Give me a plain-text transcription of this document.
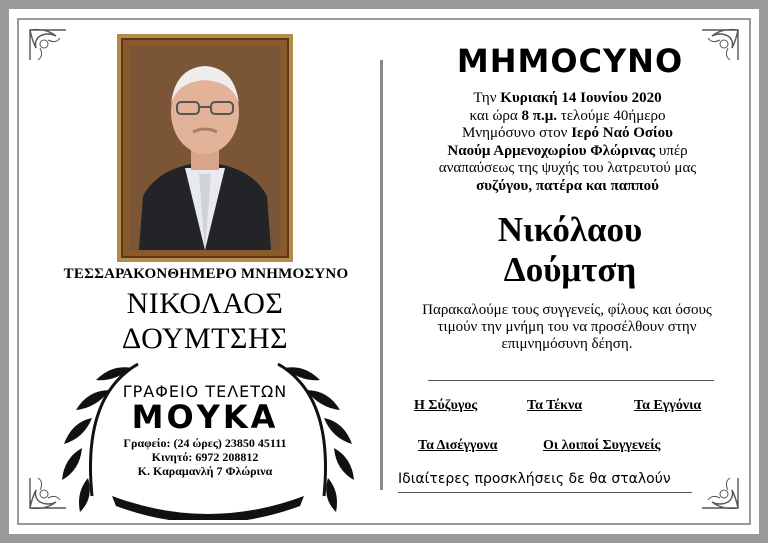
ΤΕΣΣΑΡΑΚΟΝΘΗΜΕΡΟ ΜΝΗΜΟΣΥΝΟ
ΝΙΚΟΛΑΟΣ
ΔΟΥΜΤΣΗΣ
ΓΡΑΦΕΙΟ ΤΕΛΕΤΩΝ
ΜΟΥΚΑ
Γραφείο: (24 ώρες) 23850 45111
Κινητό: 6972 208812
Κ. Καραμανλή 7 Φλώρινα
ΜΗΜΟCΥΝΟ
Την Κυριακή 14 Ιουνίου 2020
και ώρα 8 π.μ. τελούμε 40ήμερο
Μνημόσυνο στον Ιερό Ναό Οσίου
Ναούμ Αρμενοχωρίου Φλώρινας υπέρ
αναπαύσεως της ψυχής του λατρευτού μας
συζύγου, πατέρα και παππού
Νικόλαου
Δούμτση
Παρακαλούμε τους συγγενείς, φίλους και όσους τιμούν την μνήμη του να προσέλθουν στην επιμνημόσυνη δέηση.
Η Σύζυγος	Τα Τέκνα	Τα Εγγόνια
Τα Δισέγγονα	Οι λοιποί Συγγενείς
Ιδιαίτερες προσκλήσεις δε θα σταλούν
